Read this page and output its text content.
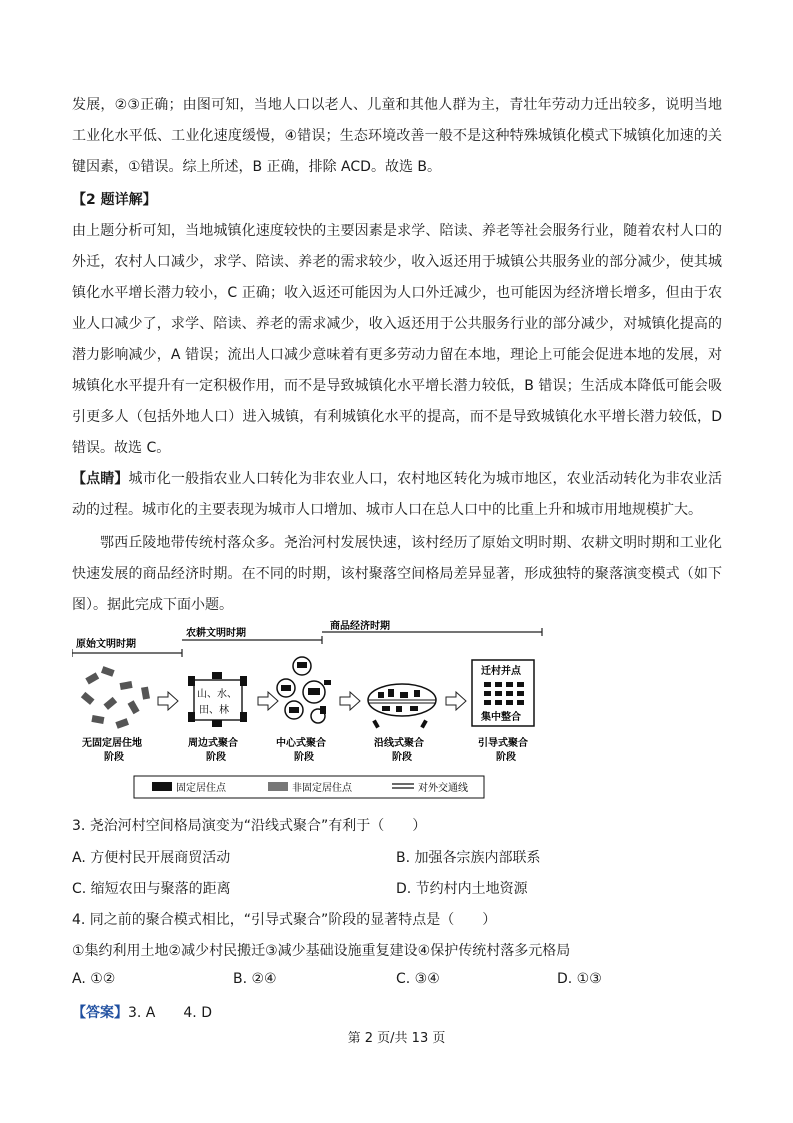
发展，②③正确；由图可知，当地人口以老人、儿童和其他人群为主，青壮年劳动力迁出较多，说明当地工业化水平低、工业化速度缓慢，④错误；生态环境改善一般不是这种特殊城镇化模式下城镇化加速的关键因素，①错误。综上所述，B 正确，排除 ACD。故选 B。

【2 题详解】

由上题分析可知，当地城镇化速度较快的主要因素是求学、陪读、养老等社会服务行业，随着农村人口的外迁，农村人口减少，求学、陪读、养老的需求较少，收入返还用于城镇公共服务业的部分减少，使其城镇化水平增长潜力较小，C 正确；收入返还可能因为人口外迁减少，也可能因为经济增长增多，但由于农业人口减少了，求学、陪读、养老的需求减少，收入返还用于公共服务行业的部分减少，对城镇化提高的潜力影响减少，A 错误；流出人口减少意味着有更多劳动力留在本地，理论上可能会促进本地的发展，对城镇化水平提升有一定积极作用，而不是导致城镇化水平增长潜力较低，B 错误；生活成本降低可能会吸引更多人（包括外地人口）进入城镇，有利城镇化水平的提高，而不是导致城镇化水平增长潜力较低，D 错误。故选 C。

【点睛】城市化一般指农业人口转化为非农业人口，农村地区转化为城市地区，农业活动转化为非农业活动的过程。城市化的主要表现为城市人口增加、城市人口在总人口中的比重上升和城市用地规模扩大。

鄂西丘陵地带传统村落众多。尧治河村发展快速，该村经历了原始文明时期、农耕文明时期和工业化快速发展的商品经济时期。在不同的时期，该村聚落空间格局差异显著，形成独特的聚落演变模式（如下图）。据此完成下面小题。

原始文明时期
农耕文明时期
商品经济时期
山、水、
田、林
迁村并点
集中整合
无固定居住地
阶段
周边式聚合
阶段
中心式聚合
阶段
沿线式聚合
阶段
引导式聚合
阶段
固定居住点	非固定居住点	对外交通线

3. 尧治河村空间格局演变为“沿线式聚合”有利于（　　）

A. 方便村民开展商贸活动	B. 加强各宗族内部联系
C. 缩短农田与聚落的距离	D. 节约村内土地资源

4. 同之前的聚合模式相比，“引导式聚合”阶段的显著特点是（　　）

①集约利用土地②减少村民搬迁③减少基础设施重复建设④保护传统村落多元格局

A. ①②	B. ②④	C. ③④	D. ①③

【答案】3. A　　4. D

第 2 页/共 13 页
